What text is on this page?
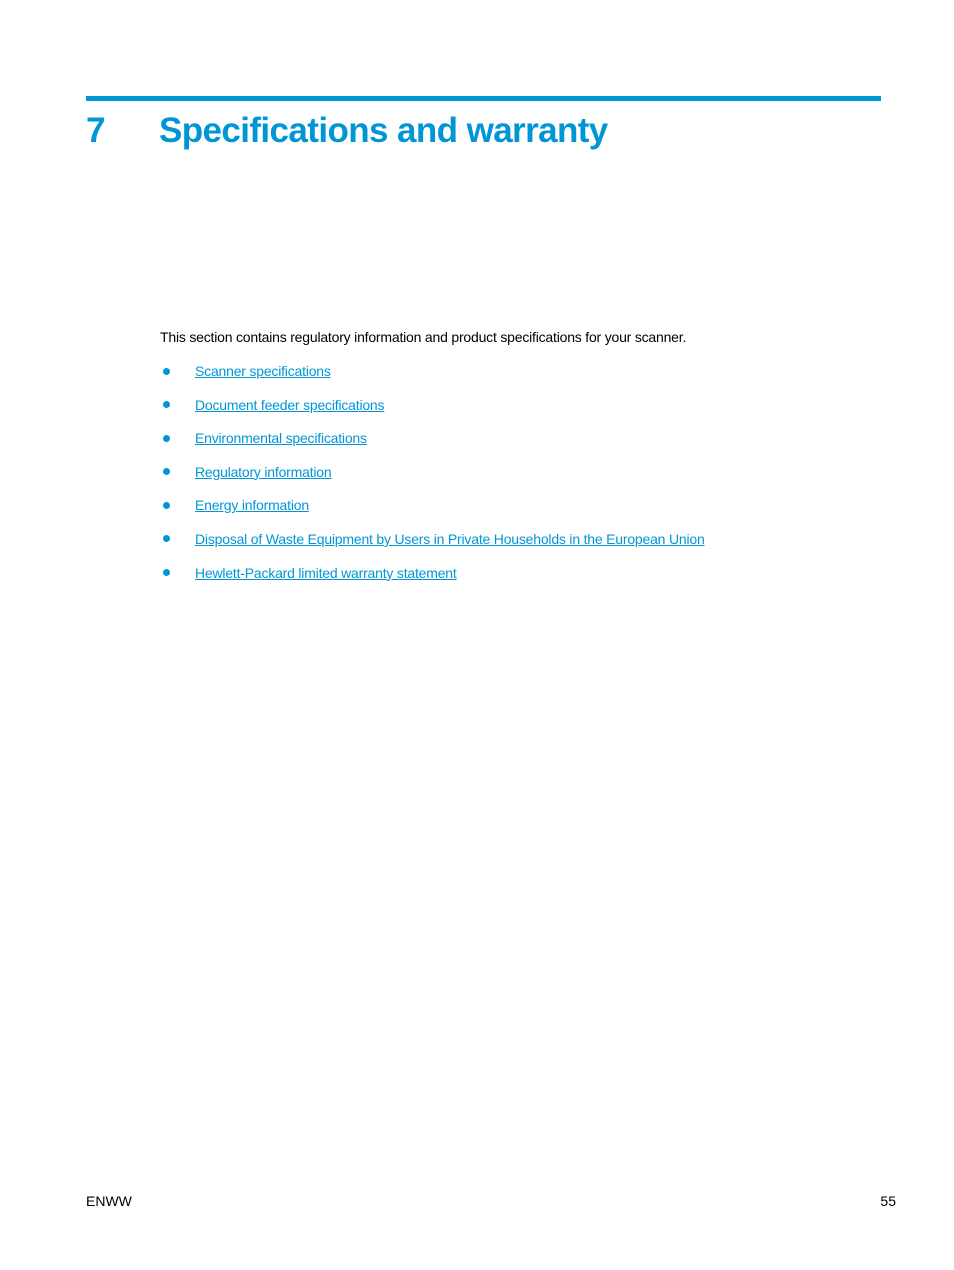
7 Specifications and warranty
This section contains regulatory information and product specifications for your scanner.
Scanner specifications
Document feeder specifications
Environmental specifications
Regulatory information
Energy information
Disposal of Waste Equipment by Users in Private Households in the European Union
Hewlett-Packard limited warranty statement
ENWW	55
